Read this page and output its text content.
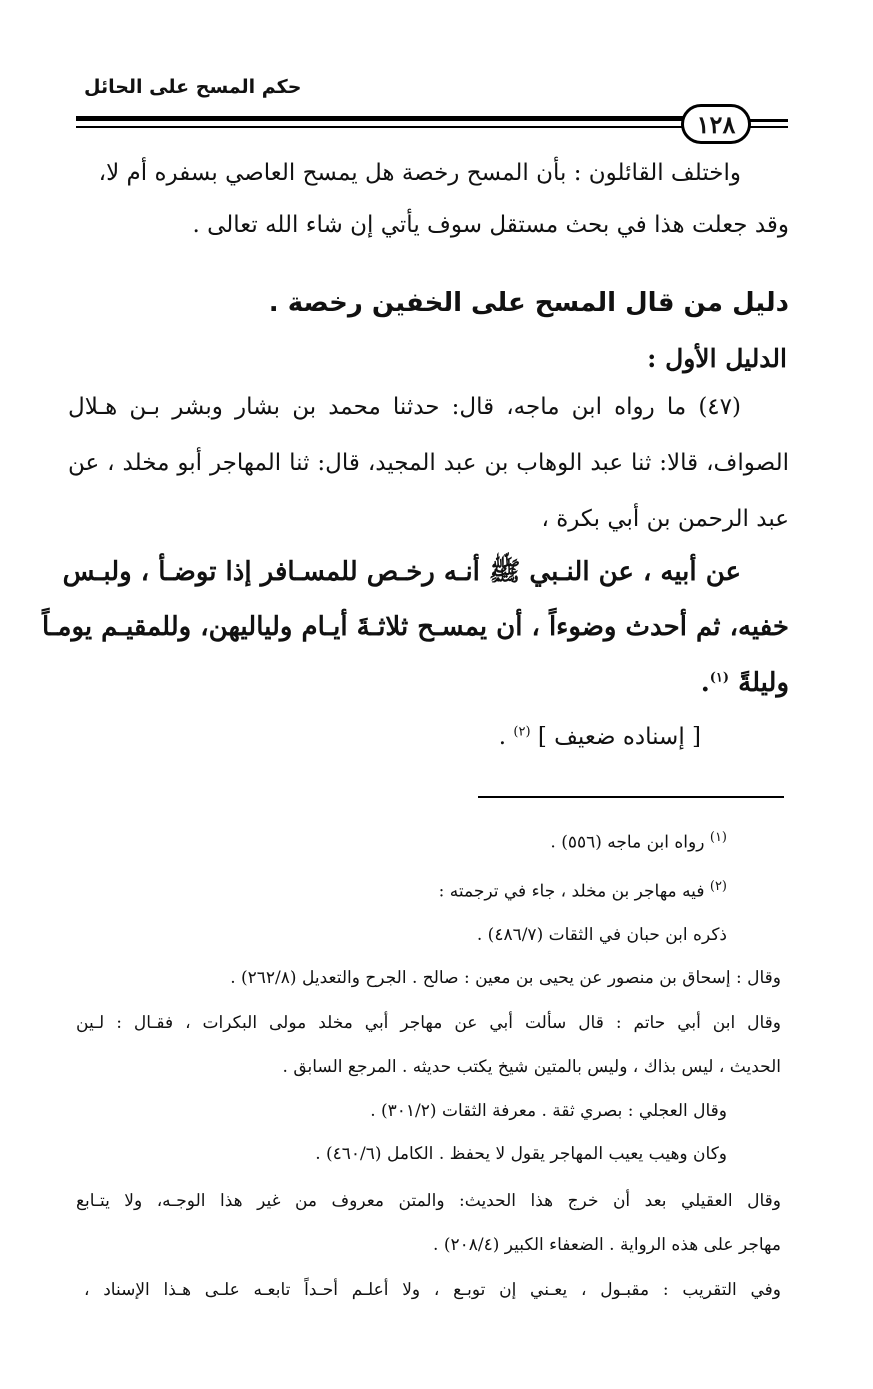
حكم المسح على الحائل
١٢٨
واختلف القائلون : بأن المسح رخصة هل يمسح العاصي بسفره أم لا،
وقد جعلت هذا في بحث مستقل سوف يأتي إن شاء الله تعالى .
دليل من قال المسح على الخفين رخصة .
الدليل الأول :
(٤٧) ما رواه ابن ماجه، قال: حدثنا محمد بن بشار وبشر بـن هـلال
الصواف، قالا: ثنا عبد الوهاب بن عبد المجيد، قال: ثنا المهاجر أبو مخلد ، عن
عبد الرحمن بن أبي بكرة ،
عن أبيه ، عن النـبي ﷺ أنـه رخـص للمسـافر إذا توضـأ ، ولبـس
خفيه، ثم أحدث وضوءاً ، أن يمسـح ثلاثـةَ أيـام ولياليهن، وللمقيـم يومـاً
وليلةً $^{(١)}$.
[ إسناده ضعيف ] $^{(٢)}$ .
$^{(١)}$ رواه ابن ماجه (٥٥٦) .
$^{(٢)}$ فيه مهاجر بن مخلد ، جاء في ترجمته :
ذكره ابن حبان في الثقات (٤٨٦/٧) .
وقال : إسحاق بن منصور عن يحيى بن معين : صالح . الجرح والتعديل (٢٦٢/٨) .
وقال ابن أبي حاتم : قال سألت أبي عن مهاجر أبي مخلد مولى البكرات ، فقـال : لـين
الحديث ، ليس بذاك ، وليس بالمتين شيخ يكتب حديثه . المرجع السابق .
وقال العجلي : بصري ثقة . معرفة الثقات (٣٠١/٢) .
وكان وهيب يعيب المهاجر يقول لا يحفظ . الكامل (٤٦٠/٦) .
وقال العقيلي بعد أن خرج هذا الحديث: والمتن معروف من غير هذا الوجـه، ولا يتـابع
مهاجر على هذه الرواية . الضعفاء الكبير (٢٠٨/٤) .
وفي التقريب : مقبـول ، يعـني إن توبـع ، ولا أعلـم أحـداً تابعـه علـى هـذا الإسناد ،
